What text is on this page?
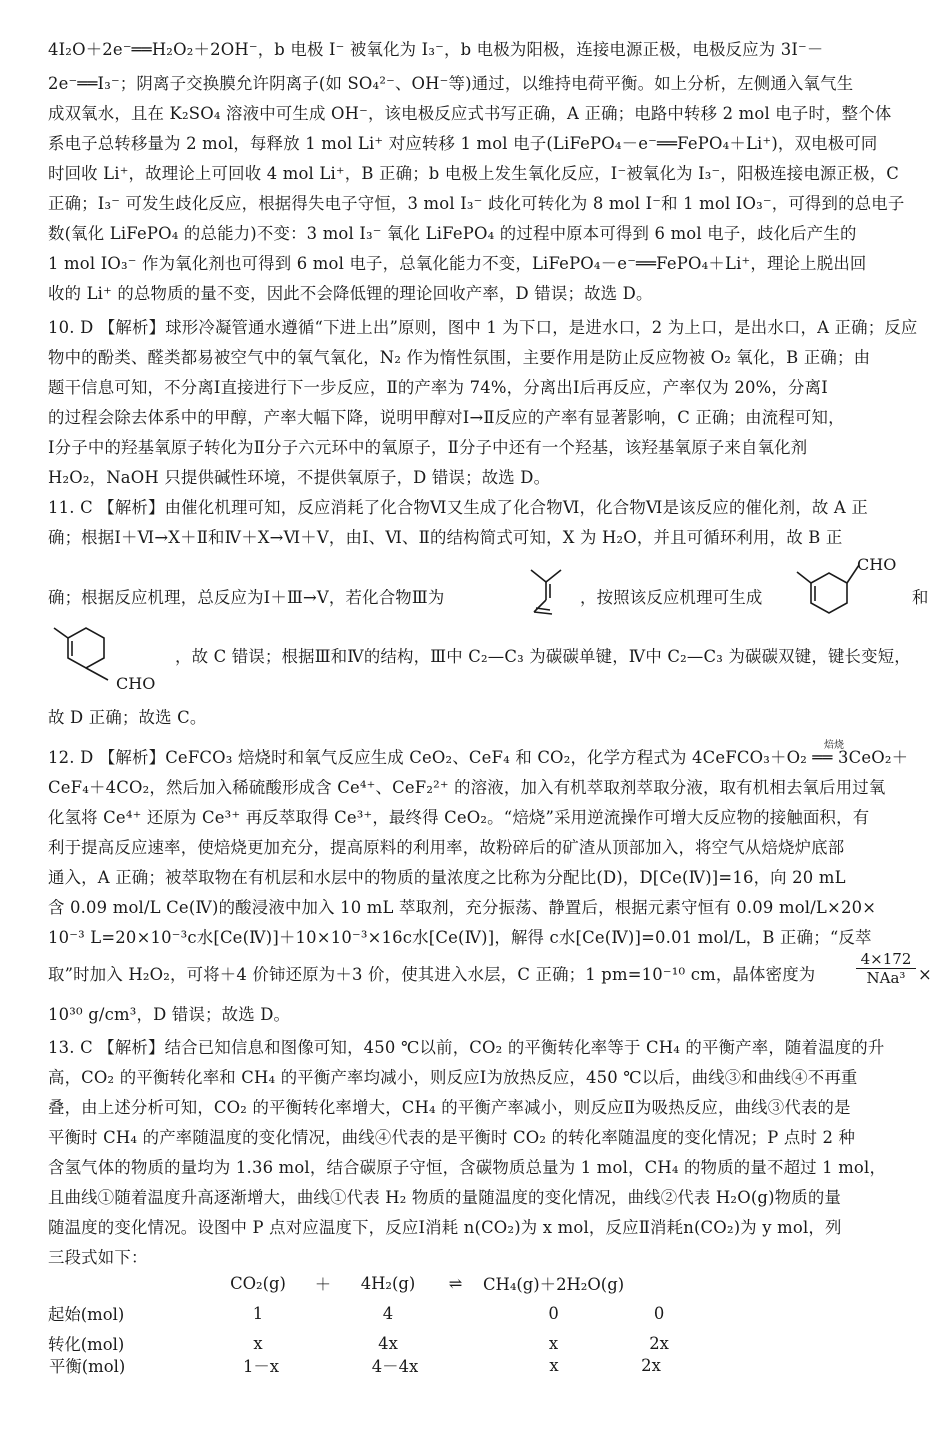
4I₂O＋2e⁻══H₂O₂＋2OH⁻，b 电极 I⁻ 被氧化为 I₃⁻，b 电极为阳极，连接电源正极，电极反应为 3I⁻－
2e⁻══I₃⁻；阴离子交换膜允许阴离子(如 SO₄²⁻、OH⁻等)通过，以维持电荷平衡。如上分析，左侧通入氧气生
成双氧水，且在 K₂SO₄ 溶液中可生成 OH⁻，该电极反应式书写正确，A 正确；电路中转移 2 mol 电子时，整个体
系电子总转移量为 2 mol，每释放 1 mol Li⁺ 对应转移 1 mol 电子(LiFePO₄－e⁻══FePO₄＋Li⁺)，双电极可同
时回收 Li⁺，故理论上可回收 4 mol Li⁺，B 正确；b 电极上发生氧化反应，I⁻被氧化为 I₃⁻，阳极连接电源正极，C
正确；I₃⁻ 可发生歧化反应，根据得失电子守恒，3 mol I₃⁻ 歧化可转化为 8 mol I⁻和 1 mol IO₃⁻，可得到的总电子
数(氧化 LiFePO₄ 的总能力)不变：3 mol I₃⁻ 氧化 LiFePO₄ 的过程中原本可得到 6 mol 电子，歧化后产生的
1 mol IO₃⁻ 作为氧化剂也可得到 6 mol 电子，总氧化能力不变，LiFePO₄－e⁻══FePO₄＋Li⁺，理论上脱出回
收的 Li⁺ 的总物质的量不变，因此不会降低锂的理论回收产率，D 错误；故选 D。
10. D 【解析】球形冷凝管通水遵循“下进上出”原则，图中 1 为下口，是进水口，2 为上口，是出水口，A 正确；反应
物中的酚类、醛类都易被空气中的氧气氧化，N₂ 作为惰性氛围，主要作用是防止反应物被 O₂ 氧化，B 正确；由
题干信息可知，不分离Ⅰ直接进行下一步反应，Ⅱ的产率为 74%，分离出Ⅰ后再反应，产率仅为 20%，分离Ⅰ
的过程会除去体系中的甲醇，产率大幅下降，说明甲醇对Ⅰ→Ⅱ反应的产率有显著影响，C 正确；由流程可知，
Ⅰ分子中的羟基氧原子转化为Ⅱ分子六元环中的氧原子，Ⅱ分子中还有一个羟基，该羟基氧原子来自氧化剂
H₂O₂，NaOH 只提供碱性环境，不提供氧原子，D 错误；故选 D。
11. C 【解析】由催化机理可知，反应消耗了化合物Ⅵ又生成了化合物Ⅵ，化合物Ⅵ是该反应的催化剂，故 A 正
确；根据Ⅰ＋Ⅵ→X＋Ⅱ和Ⅳ＋X→Ⅵ＋Ⅴ，由Ⅰ、Ⅵ、Ⅱ的结构简式可知，X 为 H₂O，并且可循环利用，故 B 正
确；根据反应机理，总反应为Ⅰ＋Ⅲ→Ⅴ，若化合物Ⅲ为	，按照该反应机理可生成
CHO
和
CHO
，故 C 错误；根据Ⅲ和Ⅳ的结构，Ⅲ中 C₂—C₃ 为碳碳单键，Ⅳ中 C₂—C₃ 为碳碳双键，键长变短，
故 D 正确；故选 C。
焙烧
12. D 【解析】CeFCO₃ 焙烧时和氧气反应生成 CeO₂、CeF₄ 和 CO₂，化学方程式为 4CeFCO₃＋O₂ ══ 3CeO₂＋
CeF₄＋4CO₂，然后加入稀硫酸形成含 Ce⁴⁺、CeF₂²⁺ 的溶液，加入有机萃取剂萃取分液，取有机相去氧后用过氧
化氢将 Ce⁴⁺ 还原为 Ce³⁺ 再反萃取得 Ce³⁺，最终得 CeO₂。“焙烧”采用逆流操作可增大反应物的接触面积，有
利于提高反应速率，使焙烧更加充分，提高原料的利用率，故粉碎后的矿渣从顶部加入，将空气从焙烧炉底部
通入，A 正确；被萃取物在有机层和水层中的物质的量浓度之比称为分配比(D)，D[Ce(Ⅳ)]=16，向 20 mL
含 0.09 mol/L Ce(Ⅳ)的酸浸液中加入 10 mL 萃取剂，充分振荡、静置后，根据元素守恒有 0.09 mol/L×20×
10⁻³ L=20×10⁻³c水[Ce(Ⅳ)]＋10×10⁻³×16c水[Ce(Ⅳ)]，解得 c水[Ce(Ⅳ)]=0.01 mol/L，B 正确；“反萃
取”时加入 H₂O₂，可将＋4 价铈还原为＋3 价，使其进入水层，C 正确；1 pm=10⁻¹⁰ cm，晶体密度为
4×172
NAa³ ×
10³⁰ g/cm³，D 错误；故选 D。
13. C 【解析】结合已知信息和图像可知，450 ℃以前，CO₂ 的平衡转化率等于 CH₄ 的平衡产率，随着温度的升
高，CO₂ 的平衡转化率和 CH₄ 的平衡产率均减小，则反应Ⅰ为放热反应，450 ℃以后，曲线③和曲线④不再重
叠，由上述分析可知，CO₂ 的平衡转化率增大，CH₄ 的平衡产率减小，则反应Ⅱ为吸热反应，曲线③代表的是
平衡时 CH₄ 的产率随温度的变化情况，曲线④代表的是平衡时 CO₂ 的转化率随温度的变化情况；P 点时 2 种
含氢气体的物质的量均为 1.36 mol，结合碳原子守恒，含碳物质总量为 1 mol，CH₄ 的物质的量不超过 1 mol，
且曲线①随着温度升高逐渐增大，曲线①代表 H₂ 物质的量随温度的变化情况，曲线②代表 H₂O(g)物质的量
随温度的变化情况。设图中 P 点对应温度下，反应Ⅰ消耗 n(CO₂)为 x mol，反应Ⅱ消耗n(CO₂)为 y mol，列
三段式如下：
	CO₂(g)	＋	4H₂(g)	⇌	CH₄(g)＋2H₂O(g)	
起始(mol)	1		4		0	0
转化(mol)	x		4x		x	2x
平衡(mol)	1－x		4－4x		x	2x
